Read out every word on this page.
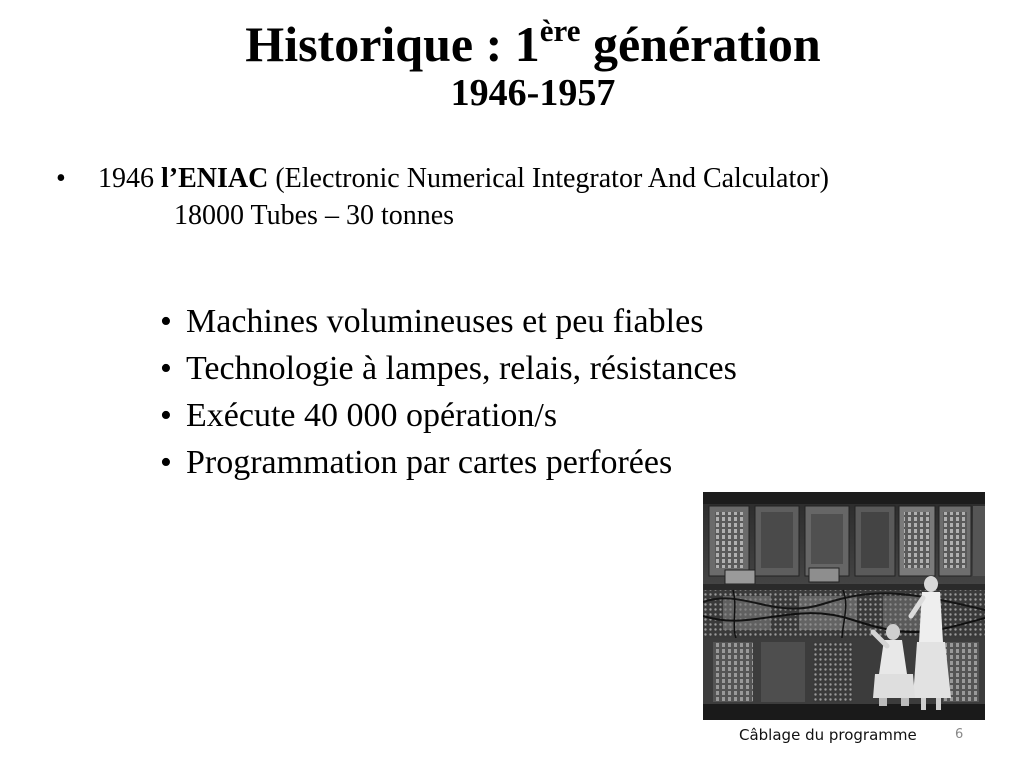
Historique : 1ère génération
1946-1957
• 1946 l’ENIAC (Electronic Numerical Integrator And Calculator)
18000 Tubes – 30 tonnes
• Machines volumineuses et peu fiables
• Technologie à lampes, relais, résistances
• Exécute 40 000 opération/s
• Programmation par cartes perforées
Câblage du programme	6
